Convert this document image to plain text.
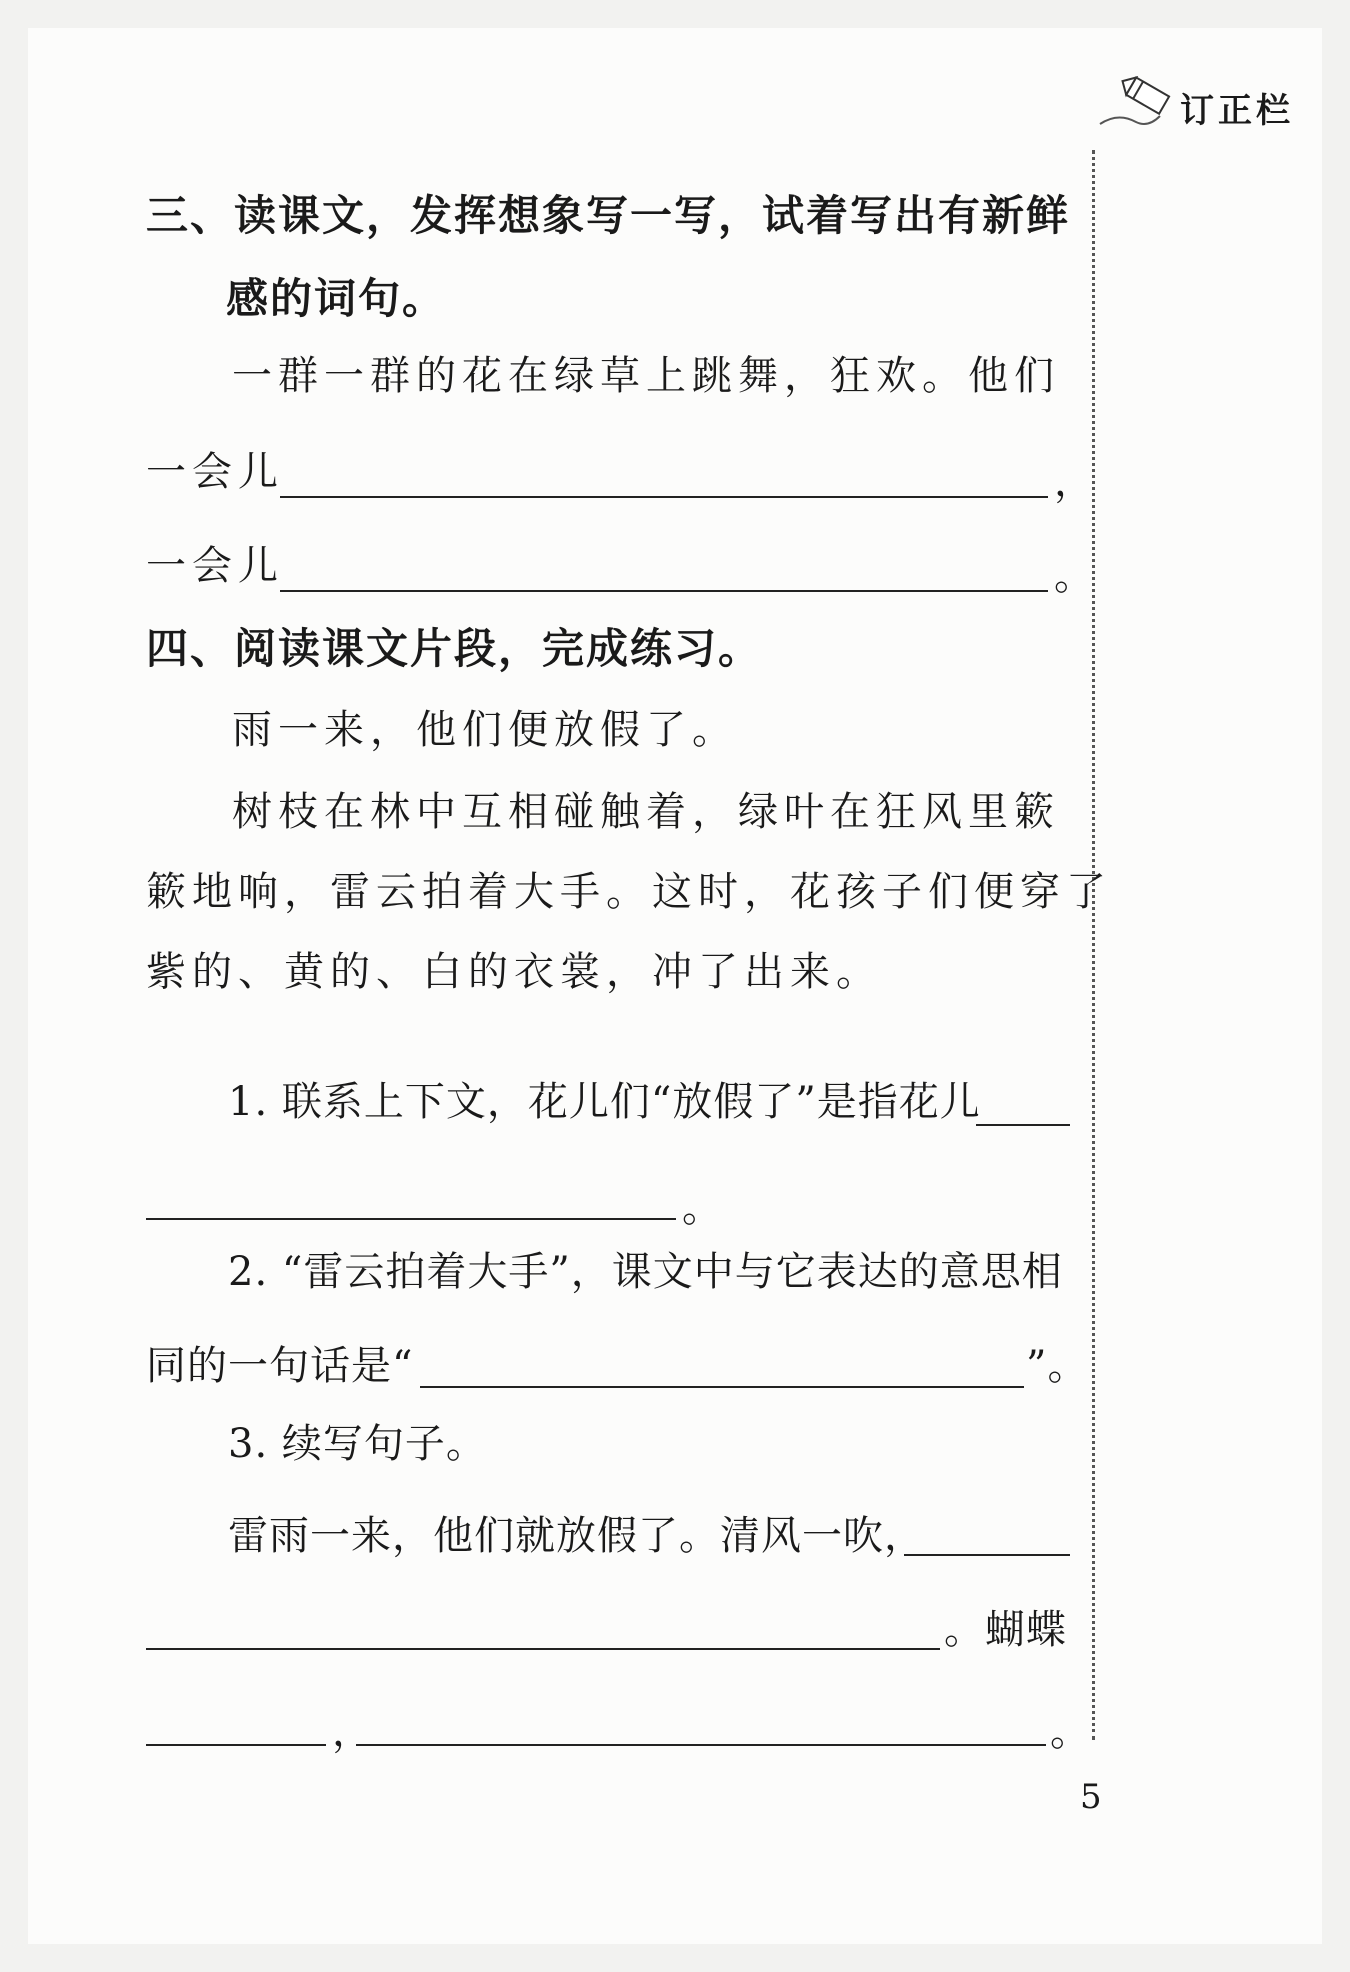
订正栏
三、读课文，发挥想象写一写，试着写出有新鲜
感的词句。
一群一群的花在绿草上跳舞，狂欢。他们
一会儿	，
一会儿	。
四、阅读课文片段，完成练习。
雨一来，他们便放假了。
树枝在林中互相碰触着，绿叶在狂风里簌
簌地响，雷云拍着大手。这时，花孩子们便穿了
紫的、黄的、白的衣裳，冲了出来。
1. 联系上下文，花儿们“放假了”是指花儿
。
2. “雷云拍着大手”，课文中与它表达的意思相
同的一句话是“	”。
3. 续写句子。
雷雨一来，他们就放假了。清风一吹，
。蝴蝶
，	。
5
